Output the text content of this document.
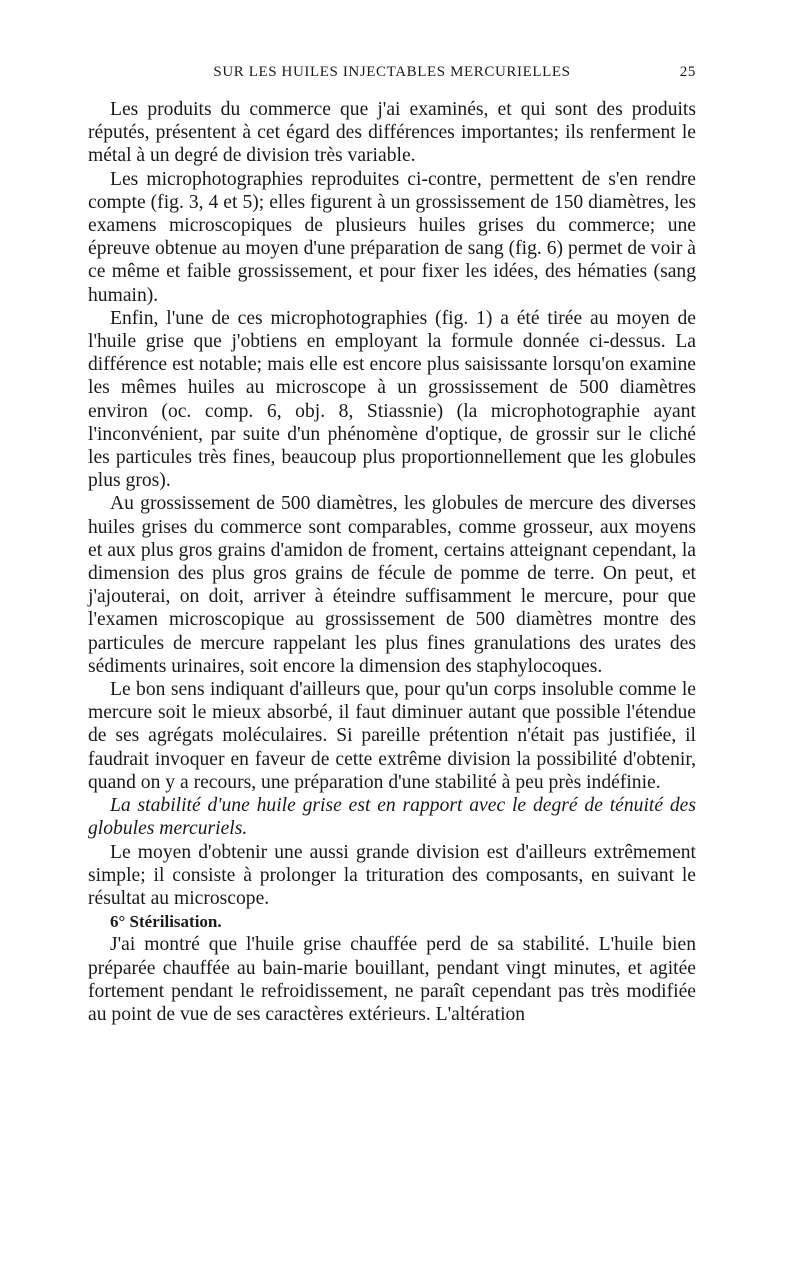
SUR LES HUILES INJECTABLES MERCURIELLES	25

Les produits du commerce que j'ai examinés, et qui sont des produits réputés, présentent à cet égard des différences importantes; ils renferment le métal à un degré de division très variable.

Les microphotographies reproduites ci-contre, permettent de s'en rendre compte (fig. 3, 4 et 5); elles figurent à un grossissement de 150 diamètres, les examens microscopiques de plusieurs huiles grises du commerce; une épreuve obtenue au moyen d'une préparation de sang (fig. 6) permet de voir à ce même et faible grossissement, et pour fixer les idées, des hématies (sang humain).

Enfin, l'une de ces microphotographies (fig. 1) a été tirée au moyen de l'huile grise que j'obtiens en employant la formule donnée ci-dessus. La différence est notable; mais elle est encore plus saisissante lorsqu'on examine les mêmes huiles au microscope à un grossissement de 500 diamètres environ (oc. comp. 6, obj. 8, Stiassnie) (la microphotographie ayant l'inconvénient, par suite d'un phénomène d'optique, de grossir sur le cliché les particules très fines, beaucoup plus proportionnellement que les globules plus gros).

Au grossissement de 500 diamètres, les globules de mercure des diverses huiles grises du commerce sont comparables, comme grosseur, aux moyens et aux plus gros grains d'amidon de froment, certains atteignant cependant, la dimension des plus gros grains de fécule de pomme de terre. On peut, et j'ajouterai, on doit, arriver à éteindre suffisamment le mercure, pour que l'examen microscopique au grossissement de 500 diamètres montre des particules de mercure rappelant les plus fines granulations des urates des sédiments urinaires, soit encore la dimension des staphylocoques.

Le bon sens indiquant d'ailleurs que, pour qu'un corps insoluble comme le mercure soit le mieux absorbé, il faut diminuer autant que possible l'étendue de ses agrégats moléculaires. Si pareille prétention n'était pas justifiée, il faudrait invoquer en faveur de cette extrême division la possibilité d'obtenir, quand on y a recours, une préparation d'une stabilité à peu près indéfinie.

La stabilité d'une huile grise est en rapport avec le degré de ténuité des globules mercuriels.

Le moyen d'obtenir une aussi grande division est d'ailleurs extrêmement simple; il consiste à prolonger la trituration des composants, en suivant le résultat au microscope.

6° Stérilisation.

J'ai montré que l'huile grise chauffée perd de sa stabilité. L'huile bien préparée chauffée au bain-marie bouillant, pendant vingt minutes, et agitée fortement pendant le refroidissement, ne paraît cependant pas très modifiée au point de vue de ses caractères extérieurs. L'altération
